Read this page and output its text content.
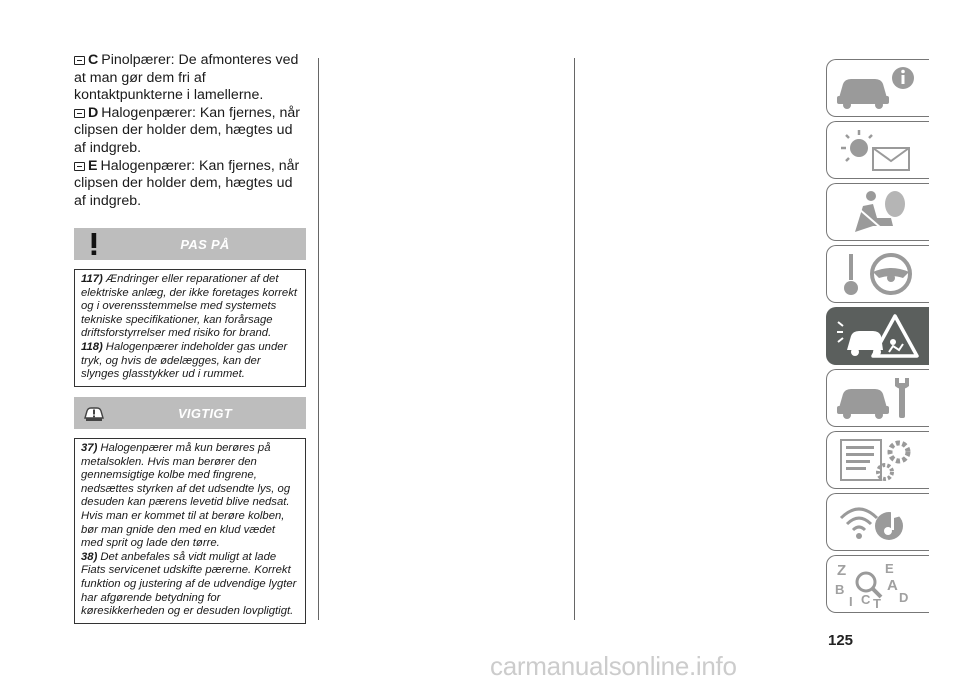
C Pinolpærer: De afmonteres ved at man gør dem fri af kontaktpunkterne i lamellerne.

D Halogenpærer: Kan fjernes, når clipsen der holder dem, hægtes ud af indgreb.

E Halogenpærer: Kan fjernes, når clipsen der holder dem, hægtes ud af indgreb.

PAS PÅ

117) Ændringer eller reparationer af det elektriske anlæg, der ikke foretages korrekt og i overensstemmelse med systemets tekniske specifikationer, kan forårsage driftsforstyrrelser med risiko for brand.

118) Halogenpærer indeholder gas under tryk, og hvis de ødelægges, kan der slynges glasstykker ud i rummet.

VIGTIGT

37) Halogenpærer må kun berøres på metalsoklen. Hvis man berører den gennemsigtige kolbe med fingrene, nedsættes styrken af det udsendte lys, og desuden kan pærens levetid blive nedsat. Hvis man er kommet til at berøre kolben, bør man gnide den med en klud vædet med sprit og lade den tørre.

38) Det anbefales så vidt muligt at lade Fiats servicenet udskifte pærerne. Korrekt funktion og justering af de udvendige lygter har afgørende betydning for køresikkerheden og er desuden lovpligtigt.

Z	E
B	A
I C T D
125
carmanualsonline.info
